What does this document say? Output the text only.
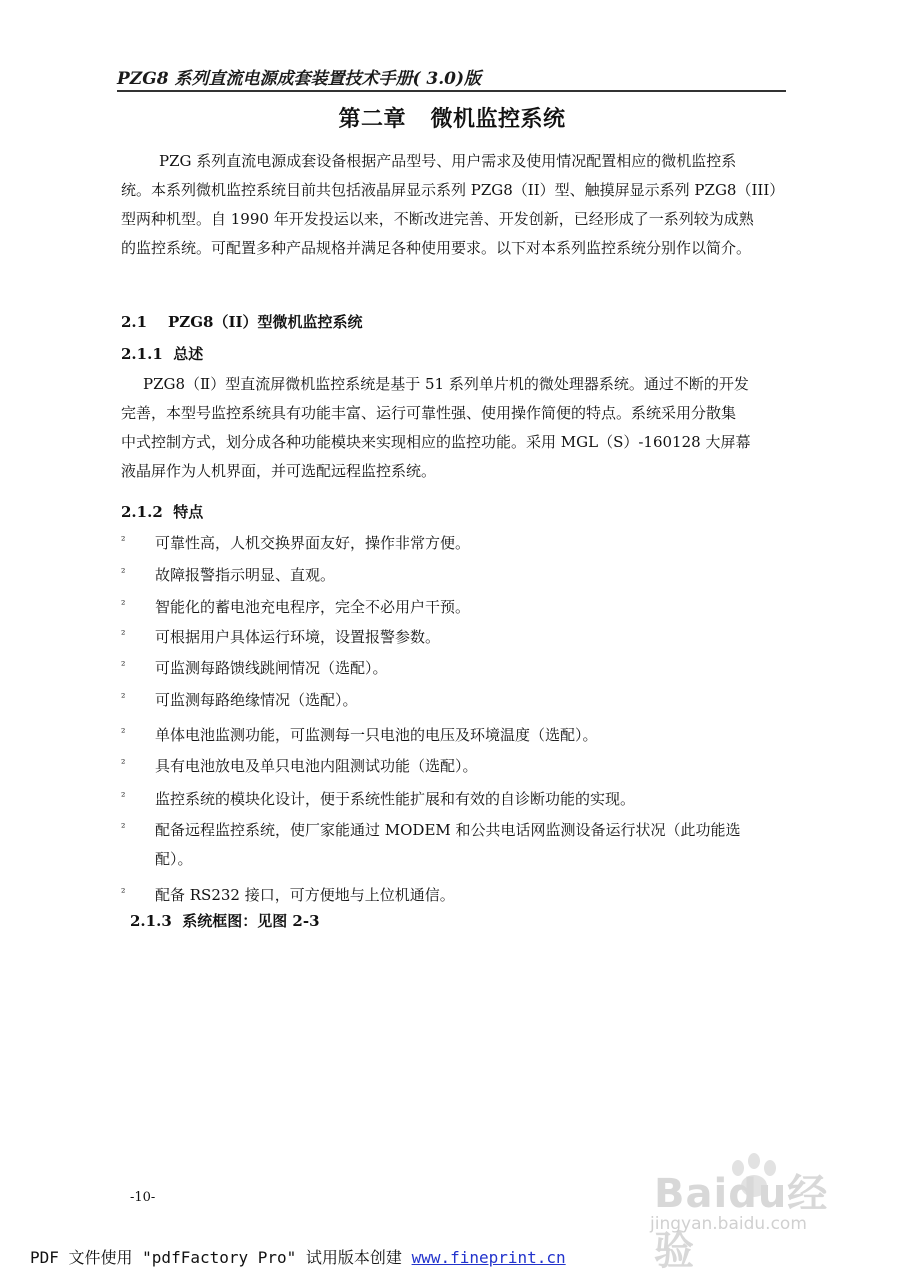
PZG8 系列直流电源成套装置技术手册( 3.0)版
第二章   微机监控系统
PZG 系列直流电源成套设备根据产品型号、用户需求及使用情况配置相应的微机监控系
统。本系列微机监控系统目前共包括液晶屏显示系列 PZG8（II）型、触摸屏显示系列 PZG8（III）
型两种机型。自 1990 年开发投运以来，不断改进完善、开发创新，已经形成了一系列较为成熟
的监控系统。可配置多种产品规格并满足各种使用要求。以下对本系列监控系统分别作以简介。
2.1    PZG8（II）型微机监控系统
2.1.1  总述
PZG8（Ⅱ）型直流屏微机监控系统是基于 51 系列单片机的微处理器系统。通过不断的开发
完善，本型号监控系统具有功能丰富、运行可靠性强、使用操作简便的特点。系统采用分散集
中式控制方式，划分成各种功能模块来实现相应的监控功能。采用 MGL（S）-160128 大屏幕
液晶屏作为人机界面，并可选配远程监控系统。
2.1.2  特点
² 可靠性高，人机交换界面友好，操作非常方便。
² 故障报警指示明显、直观。
² 智能化的蓄电池充电程序，完全不必用户干预。
² 可根据用户具体运行环境，设置报警参数。
² 可监测每路馈线跳闸情况（选配）。
² 可监测每路绝缘情况（选配）。
² 单体电池监测功能，可监测每一只电池的电压及环境温度（选配）。
² 具有电池放电及单只电池内阻测试功能（选配）。
² 监控系统的模块化设计，便于系统性能扩展和有效的自诊断功能的实现。
² 配备远程监控系统，使厂家能通过 MODEM 和公共电话网监测设备运行状况（此功能选
配）。
² 配备 RS232 接口，可方便地与上位机通信。
2.1.3  系统框图：见图 2-3
-10-	Baidu经验
jingyan.baidu.com
PDF 文件使用 "pdfFactory Pro" 试用版本创建 www.fineprint.cn
